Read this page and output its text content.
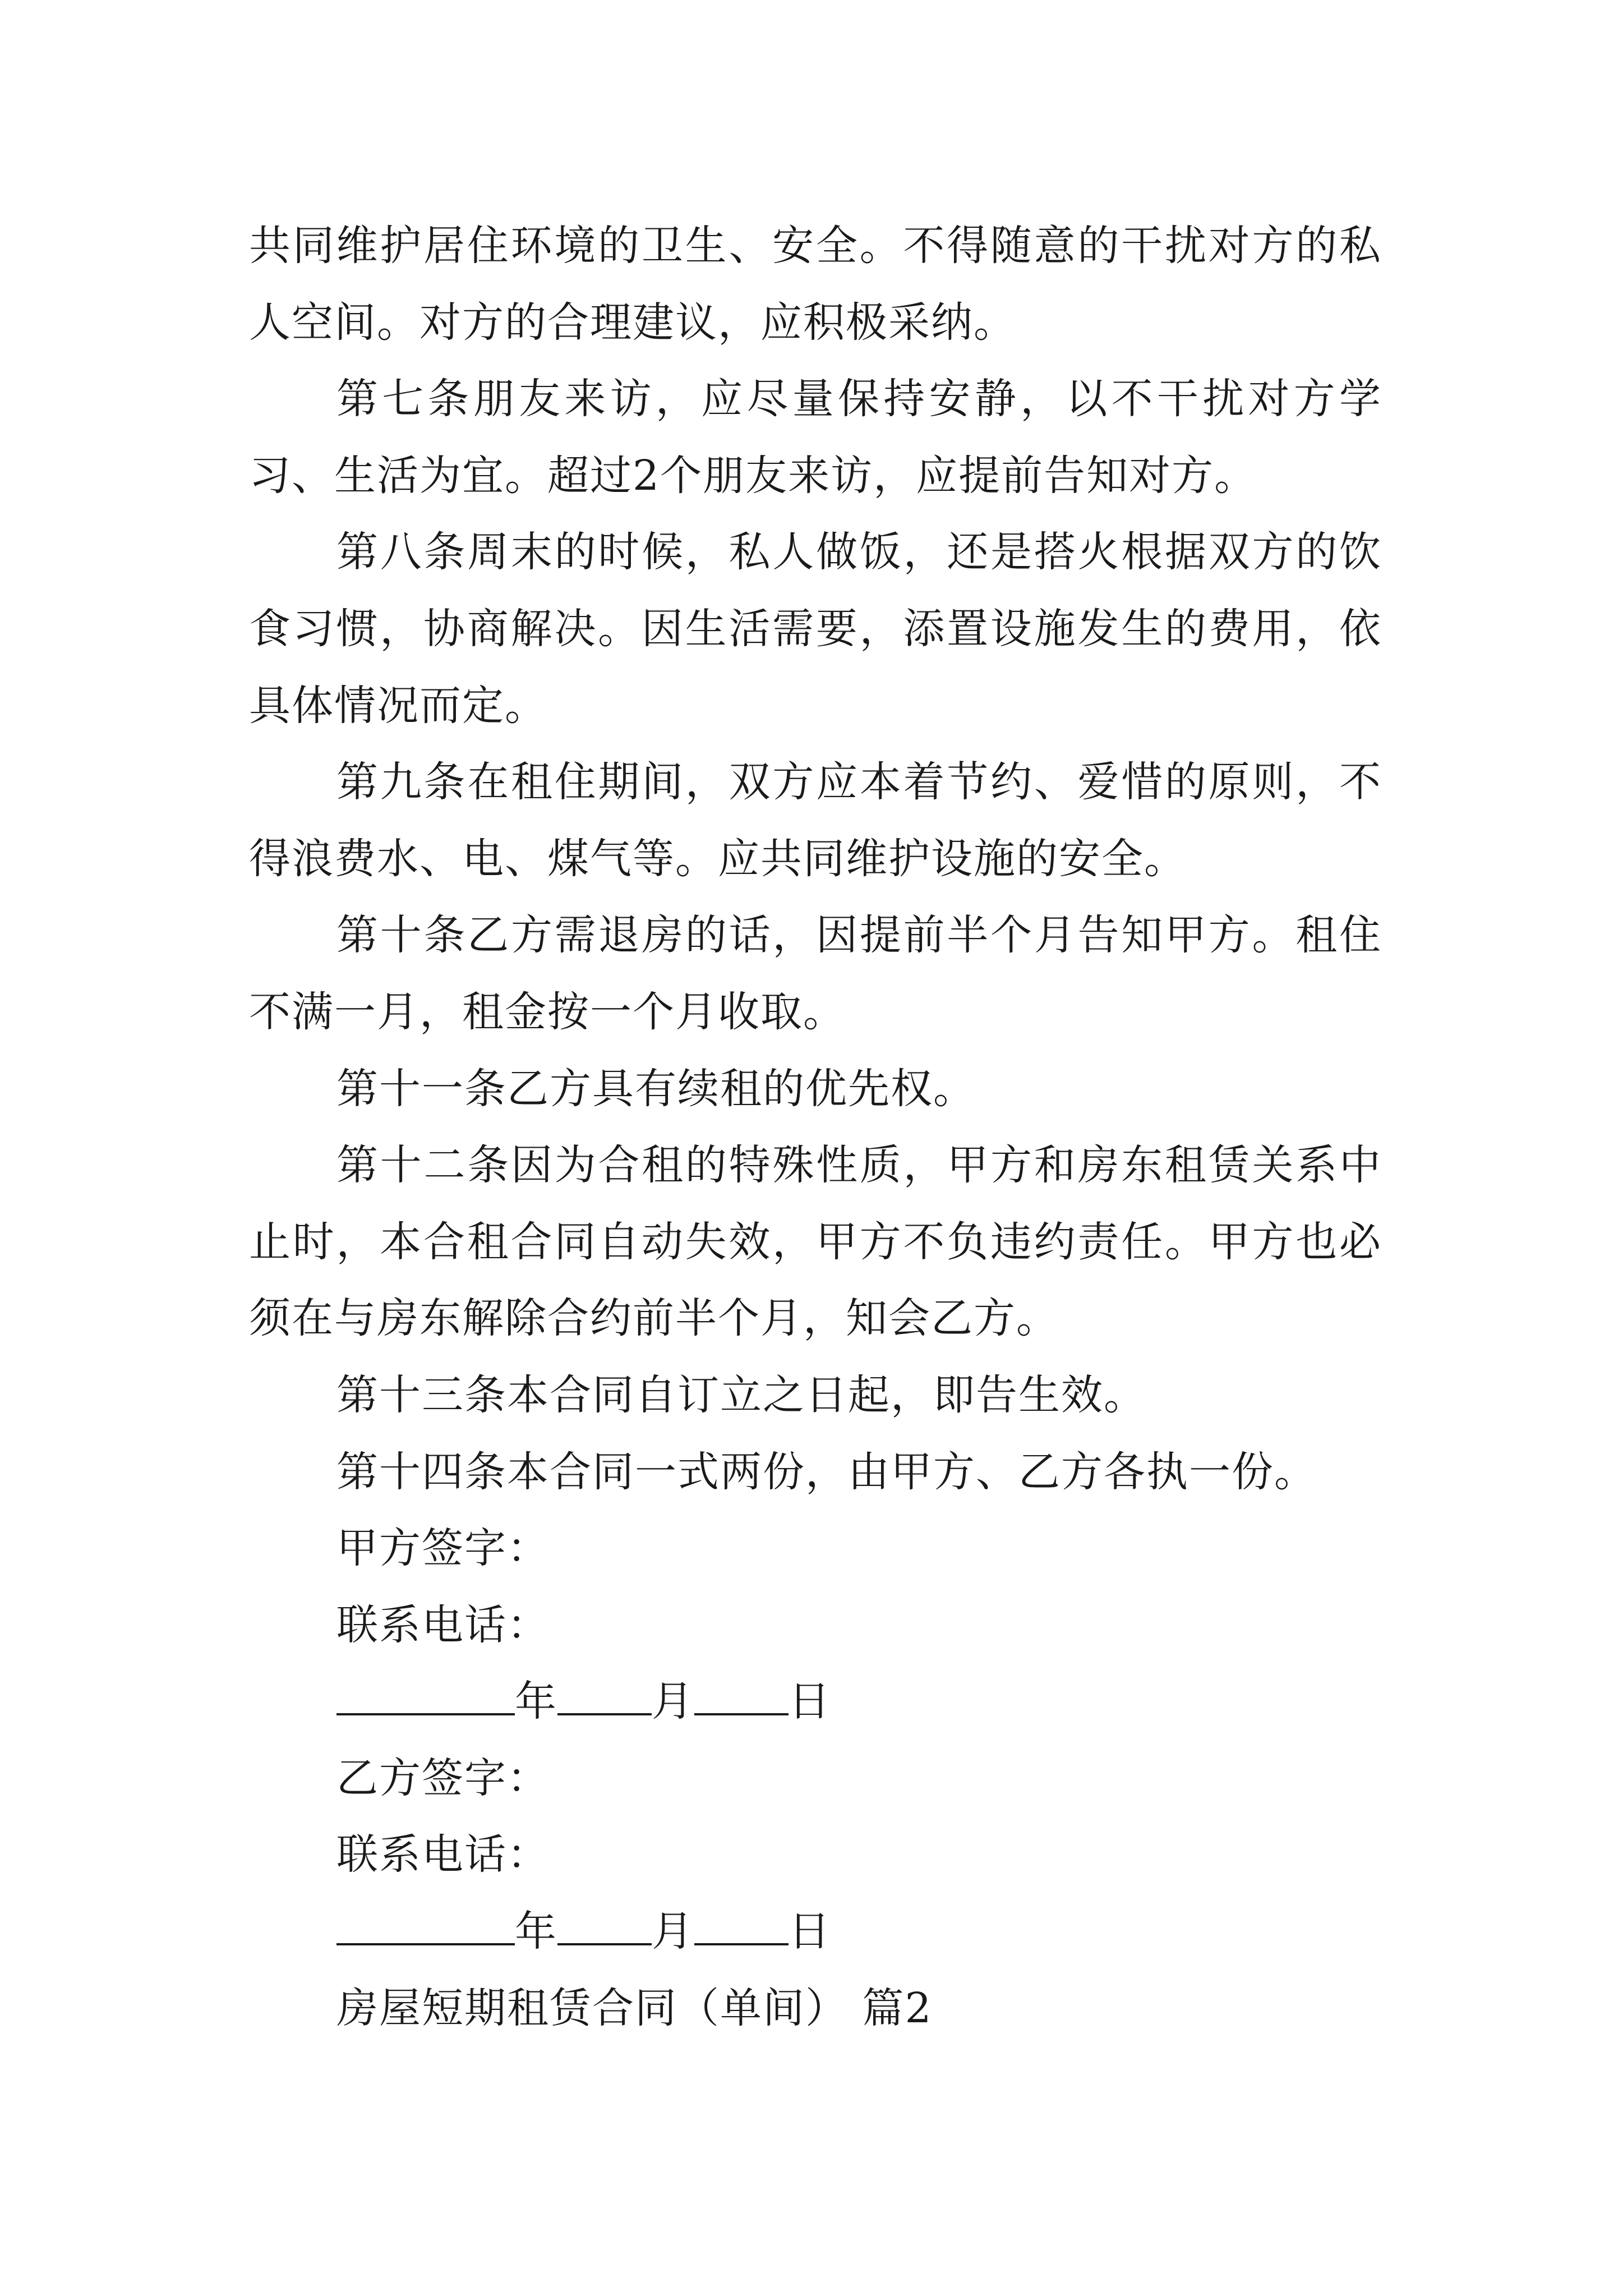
共同维护居住环境的卫生、安全。不得随意的干扰对方的私人空间。对方的合理建议，应积极采纳。

第七条朋友来访，应尽量保持安静，以不干扰对方学习、生活为宜。超过2个朋友来访，应提前告知对方。

第八条周末的时候，私人做饭，还是搭火根据双方的饮食习惯，协商解决。因生活需要，添置设施发生的费用，依具体情况而定。

第九条在租住期间，双方应本着节约、爱惜的原则，不得浪费水、电、煤气等。应共同维护设施的安全。

第十条乙方需退房的话，因提前半个月告知甲方。租住不满一月，租金按一个月收取。

第十一条乙方具有续租的优先权。

第十二条因为合租的特殊性质，甲方和房东租赁关系中止时，本合租合同自动失效，甲方不负违约责任。甲方也必须在与房东解除合约前半个月，知会乙方。

第十三条本合同自订立之日起，即告生效。

第十四条本合同一式两份，由甲方、乙方各执一份。

甲方签字：
联系电话：
年 月 日
乙方签字：
联系电话：
年 月 日
房屋短期租赁合同（单间） 篇2
